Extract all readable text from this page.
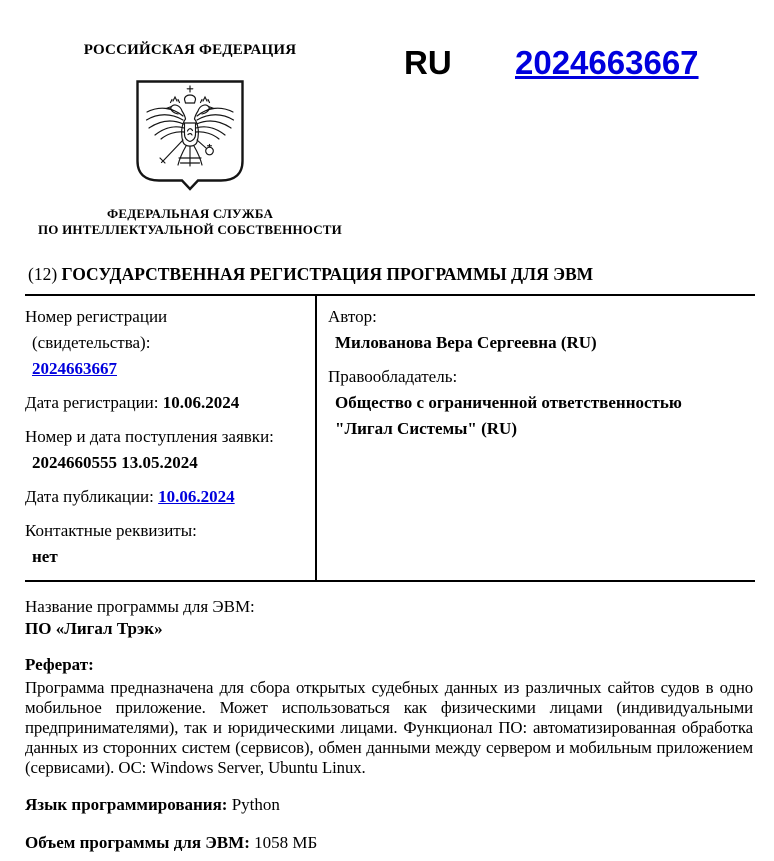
РОССИЙСКАЯ ФЕДЕРАЦИЯ
ФЕДЕРАЛЬНАЯ СЛУЖБА
ПО ИНТЕЛЛЕКТУАЛЬНОЙ СОБСТВЕННОСТИ
RU 2024663667
(12) ГОСУДАРСТВЕННАЯ РЕГИСТРАЦИЯ ПРОГРАММЫ ДЛЯ ЭВМ
Номер регистрации
(свидетельства):
2024663667
Дата регистрации: 10.06.2024
Номер и дата поступления заявки:
2024660555 13.05.2024
Дата публикации: 10.06.2024
Контактные реквизиты:
нет
Автор:
Милованова Вера Сергеевна (RU)
Правообладатель:
Общество с ограниченной ответственностью
"Лигал Системы" (RU)
Название программы для ЭВМ:
ПО «Лигал Трэк»
Реферат:

Программа предназначена для сбора открытых судебных данных из различных сайтов судов в одно мобильное приложение. Может использоваться как физическими лицами (индивидуальными предпринимателями), так и юридическими лицами. Функционал ПО: автоматизированная обработка данных из сторонних систем (сервисов), обмен данными между сервером и мобильным приложением (сервисами). ОС: Windows Server, Ubuntu Linux.

Язык программирования: Python
Объем программы для ЭВМ: 1058 МБ
